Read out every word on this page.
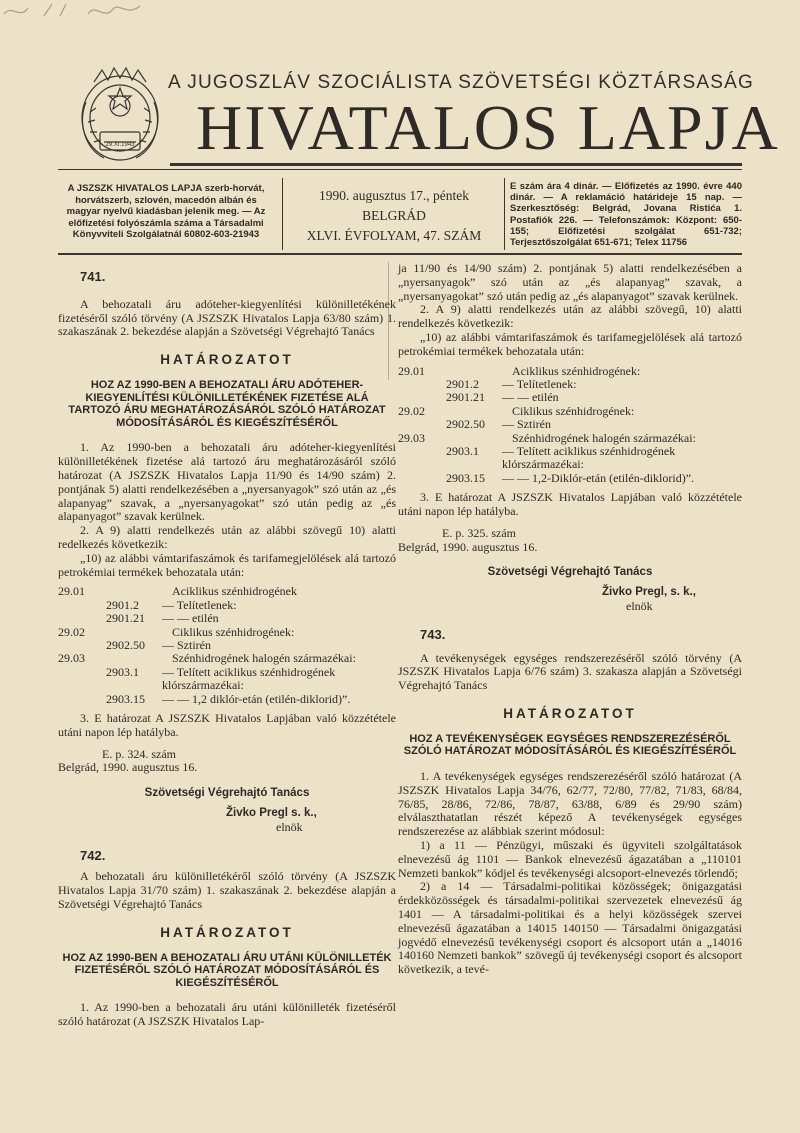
29.XI.1943
A JUGOSZLÁV SZOCIÁLISTA SZÖVETSÉGI KÖZTÁRSASÁG
HIVATALOS LAPJA
A JSZSZK HIVATALOS LAPJA szerb-horvát, horvátszerb, szlovén, macedón albán és magyar nyelvű kiadásban jelenik meg. — Az előfizetési folyószámla száma a Társadalmi Könyvviteli Szolgálatnál 60802-603-21943
1990. augusztus 17., péntek
BELGRÁD
XLVI. ÉVFOLYAM, 47. SZÁM
E szám ára 4 dinár. — Előfizetés az 1990. évre 440 dinár. — A reklamáció határideje 15 nap. — Szerkesztőség: Belgrád, Jovana Ristića 1. Postafiók 226. — Telefonszámok: Központ: 650-155; Előfizetési szolgálat 651-732; Terjesztőszolgálat 651-671; Telex 11756
741.

A behozatali áru adóteher-kiegyenlítési különilletékének fizetéséről szóló törvény (A JSZSZK Hivatalos Lapja 63/80 szám) 1. szakaszának 2. bekezdése alapján a Szövetségi Végrehajtó Tanács

HATÁROZATOT
HOZ AZ 1990-BEN A BEHOZATALI ÁRU ADÓTEHER-KIEGYENLÍTÉSI KÜLÖNILLETÉKÉNEK FIZETÉSE ALÁ TARTOZÓ ÁRU MEGHATÁROZÁSÁRÓL SZÓLÓ HATÁROZAT MÓDOSÍTÁSÁRÓL ÉS KIEGÉSZÍTÉSÉRŐL

1. Az 1990-ben a behozatali áru adóteher-kiegyenlítési különilletékének fizetése alá tartozó áru meghatározásáról szóló határozat (A JSZSZK Hivatalos Lapja 11/90 és 14/90 szám) 2. pontjának 5) alatti rendelkezésében a „nyersanyagok” szó után az „és alapanyag” szavak, a „nyersanyagokat” szó után pedig az „és alapanyagot” szavak kerülnek.

2. A 9) alatti rendelkezés után az alábbi szövegű 10) alatti redelkezés következik:

„10) az alábbi vámtarifaszámok és tarifamegjelölések alá tartozó petrokémiai termékek behozatala után:

29.01	Aciklikus szénhidrogének
2901.2	— Telítetlenek:
2901.21	— — etilén
29.02	Ciklikus szénhidrogének:
2902.50	— Sztirén
29.03	Szénhidrogének halogén származékai:
2903.1	— Telített aciklikus szénhidrogének klórszármazékai:
2903.15	— — 1,2 diklór-etán (etilén-diklorid)”.

3. E határozat A JSZSZK Hivatalos Lapjában való közzététele utáni napon lép hatályba.

E. p. 324. szám
Belgrád, 1990. augusztus 16.
Szövetségi Végrehajtó Tanács
Živko Pregl s. k.,
elnök
742.

A behozatali áru különilletékéről szóló törvény (A JSZSZK Hivatalos Lapja 31/70 szám) 1. szakaszának 2. bekezdése alapján a Szövetségi Végrehajtó Tanács

HATÁROZATOT
HOZ AZ 1990-BEN A BEHOZATALI ÁRU UTÁNI KÜLÖNILLETÉK FIZETÉSÉRŐL SZÓLÓ HATÁROZAT MÓDOSÍTÁSÁRÓL ÉS KIEGÉSZÍTÉSÉRŐL

1. Az 1990-ben a behozatali áru utáni különilleték fizetéséről szóló határozat (A JSZSZK Hivatalos Lap-

ja 11/90 és 14/90 szám) 2. pontjának 5) alatti rendelkezésében a „nyersanyagok” szó után az „és alapanyag” szavak, a „nyersanyagokat” szó után pedig az „és alapanyagot” szavak kerülnek.

2. A 9) alatti rendelkezés után az alábbi szövegű, 10) alatti rendelkezés következik:

„10) az alábbi vámtarifaszámok és tarifamegjelölések alá tartozó petrokémiai termékek behozatala után:

29.01	Aciklikus szénhidrogének:
2901.2	— Telítetlenek:
2901.21	— — etilén
29.02	Ciklikus szénhidrogének:
2902.50	— Sztirén
29.03	Szénhidrogének halogén származékai:
2903.1	— Telített aciklikus szénhidrogének klórszármazékai:
2903.15	— — 1,2-Diklór-etán (etilén-diklorid)”.

3. E határozat A JSZSZK Hivatalos Lapjában való közzététele utáni napon lép hatályba.

E. p. 325. szám
Belgrád, 1990. augusztus 16.
Szövetségi Végrehajtó Tanács
Živko Pregl, s. k.,
elnök
743.

A tevékenységek egységes rendszerezéséről szóló törvény (A JSZSZK Hivatalos Lapja 6/76 szám) 3. szakasza alapján a Szövetségi Végrehajtó Tanács

HATÁROZATOT
HOZ A TEVÉKENYSÉGEK EGYSÉGES RENDSZEREZÉSÉRŐL SZÓLÓ HATÁROZAT MÓDOSÍTÁSÁRÓL ÉS KIEGÉSZÍTÉSÉRŐL

1. A tevékenységek egységes rendszerezéséről szóló határozat (A JSZSZK Hivatalos Lapja 34/76, 62/77, 72/80, 77/82, 71/83, 68/84, 76/85, 28/86, 72/86, 78/87, 63/88, 6/89 és 29/90 szám) elválaszthatatlan részét képező A tevékenységek egységes rendszerezése az alábbiak szerint módosul:

1) a 11 — Pénzügyi, műszaki és ügyviteli szolgáltatások elnevezésű ág 1101 — Bankok elnevezésű ágazatában a „110101 Nemzeti bankok” kódjel és tevékenységi alcsoport-elnevezés törlendő;

2) a 14 — Társadalmi-politikai közösségek; önigazgatási érdekközösségek és társadalmi-politikai szervezetek elnevezésű ág 1401 — A társadalmi-politikai és a helyi közösségek szervei elnevezésű ágazatában a 14015 140150 — Társadalmi önigazgatási jogvédő elnevezésű tevékenységi csoport és alcsoport után a „14016 140160 Nemzeti bankok” szövegű új tevékenységi csoport és alcsoport következik, a tevé-
